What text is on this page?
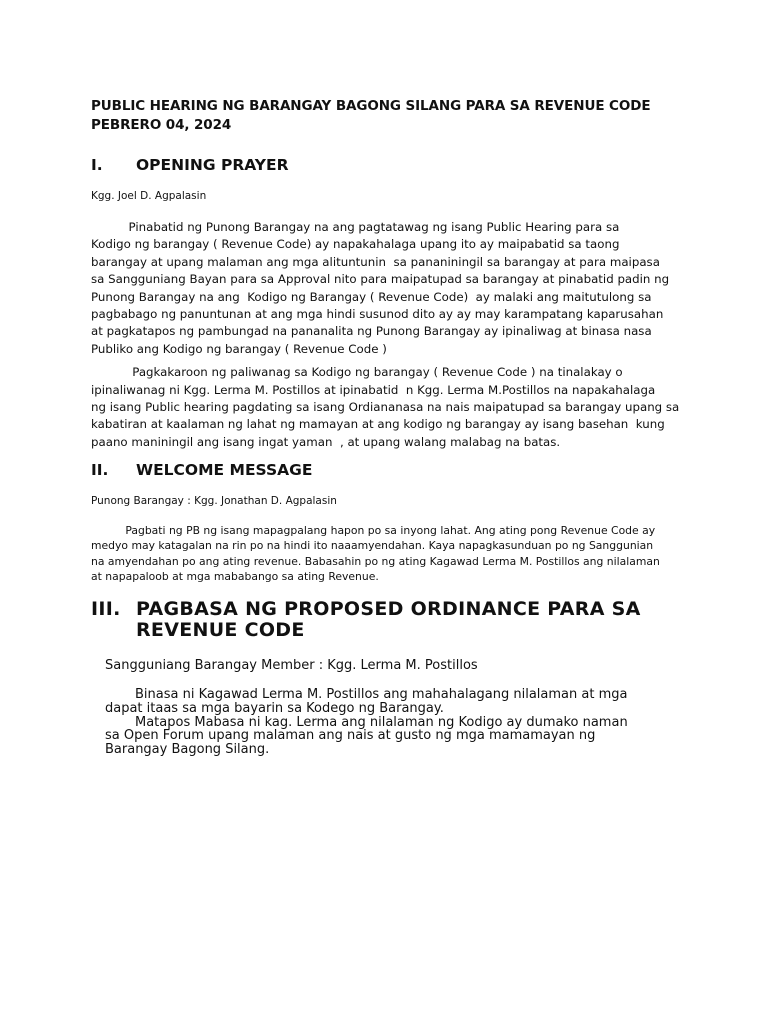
PUBLIC HEARING NG BARANGAY BAGONG SILANG PARA SA REVENUE CODE
PEBRERO 04, 2024
I.	OPENING PRAYER

Kgg. Joel D. Agpalasin

Pinabatid ng Punong Barangay na ang pagtatawag ng isang Public Hearing para sa
Kodigo ng barangay ( Revenue Code) ay napakahalaga upang ito ay maipabatid sa taong
barangay at upang malaman ang mga alituntunin  sa pananiningil sa barangay at para maipasa
sa Sangguniang Bayan para sa Approval nito para maipatupad sa barangay at pinabatid padin ng
Punong Barangay na ang  Kodigo ng Barangay ( Revenue Code)  ay malaki ang maitutulong sa
pagbabago ng panuntunan at ang mga hindi susunod dito ay ay may karampatang kaparusahan
at pagkatapos ng pambungad na pananalita ng Punong Barangay ay ipinaliwag at binasa nasa
Publiko ang Kodigo ng barangay ( Revenue Code )
Pagkakaroon ng paliwanag sa Kodigo ng barangay ( Revenue Code ) na tinalakay o
ipinaliwanag ni Kgg. Lerma M. Postillos at ipinabatid  n Kgg. Lerma M.Postillos na napakahalaga
ng isang Public hearing pagdating sa isang Ordiananasa na nais maipatupad sa barangay upang sa
kabatiran at kaalaman ng lahat ng mamayan at ang kodigo ng barangay ay isang basehan  kung
paano maniningil ang isang ingat yaman  , at upang walang malabag na batas.
II.	WELCOME MESSAGE

Punong Barangay : Kgg. Jonathan D. Agpalasin

Pagbati ng PB ng isang mapagpalang hapon po sa inyong lahat. Ang ating pong Revenue Code ay
medyo may katagalan na rin po na hindi ito naaamyendahan. Kaya napagkasunduan po ng Sanggunian
na amyendahan po ang ating revenue. Babasahin po ng ating Kagawad Lerma M. Postillos ang nilalaman
at napapaloob at mga mababango sa ating Revenue.
III. PAGBASA NG PROPOSED ORDINANCE PARA SA
REVENUE CODE

Sangguniang Barangay Member : Kgg. Lerma M. Postillos

Binasa ni Kagawad Lerma M. Postillos ang mahahalagang nilalaman at mga
dapat itaas sa mga bayarin sa Kodego ng Barangay.
Matapos Mabasa ni kag. Lerma ang nilalaman ng Kodigo ay dumako naman
sa Open Forum upang malaman ang nais at gusto ng mga mamamayan ng
Barangay Bagong Silang.
